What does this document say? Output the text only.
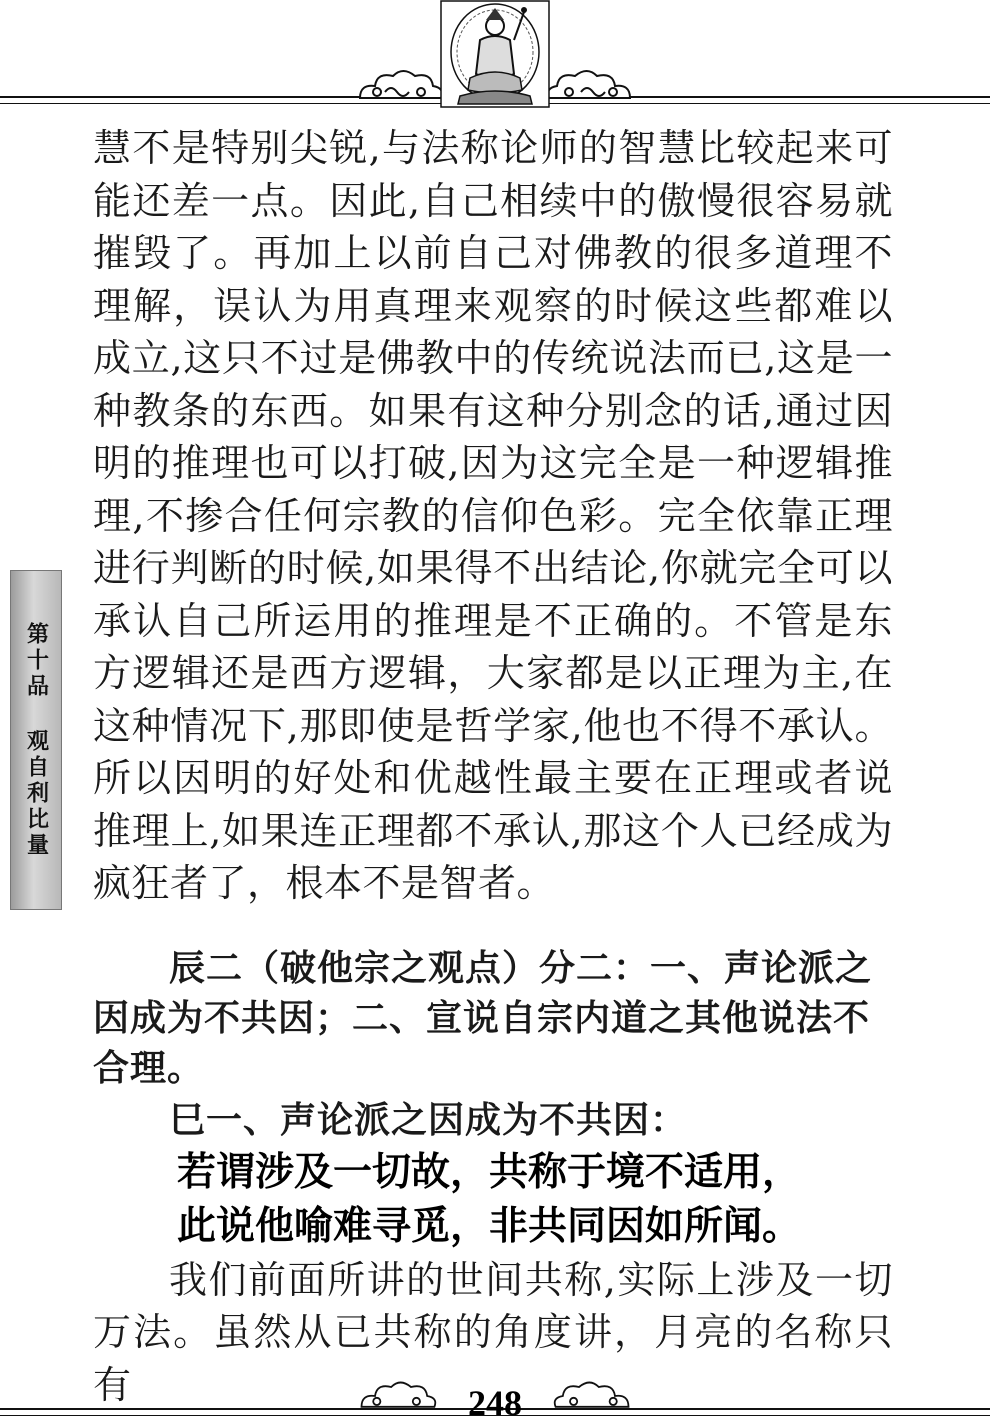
第十品 观自利比量

慧不是特别尖锐,与法称论师的智慧比较起来可能还差一点。因此,自己相续中的傲慢很容易就摧毁了。再加上以前自己对佛教的很多道理不理解，误认为用真理来观察的时候这些都难以成立,这只不过是佛教中的传统说法而已,这是一种教条的东西。如果有这种分别念的话,通过因明的推理也可以打破,因为这完全是一种逻辑推理,不掺合任何宗教的信仰色彩。完全依靠正理进行判断的时候,如果得不出结论,你就完全可以承认自己所运用的推理是不正确的。不管是东方逻辑还是西方逻辑，大家都是以正理为主,在这种情况下,那即使是哲学家,他也不得不承认。所以因明的好处和优越性最主要在正理或者说推理上,如果连正理都不承认,那这个人已经成为疯狂者了，根本不是智者。

辰二（破他宗之观点）分二：一、声论派之因成为不共因；二、宣说自宗内道之其他说法不合理。

巳一、声论派之因成为不共因：

若谓涉及一切故，共称于境不适用，

此说他喻难寻觅，非共同因如所闻。

我们前面所讲的世间共称,实际上涉及一切万法。虽然从已共称的角度讲，月亮的名称只有	248
